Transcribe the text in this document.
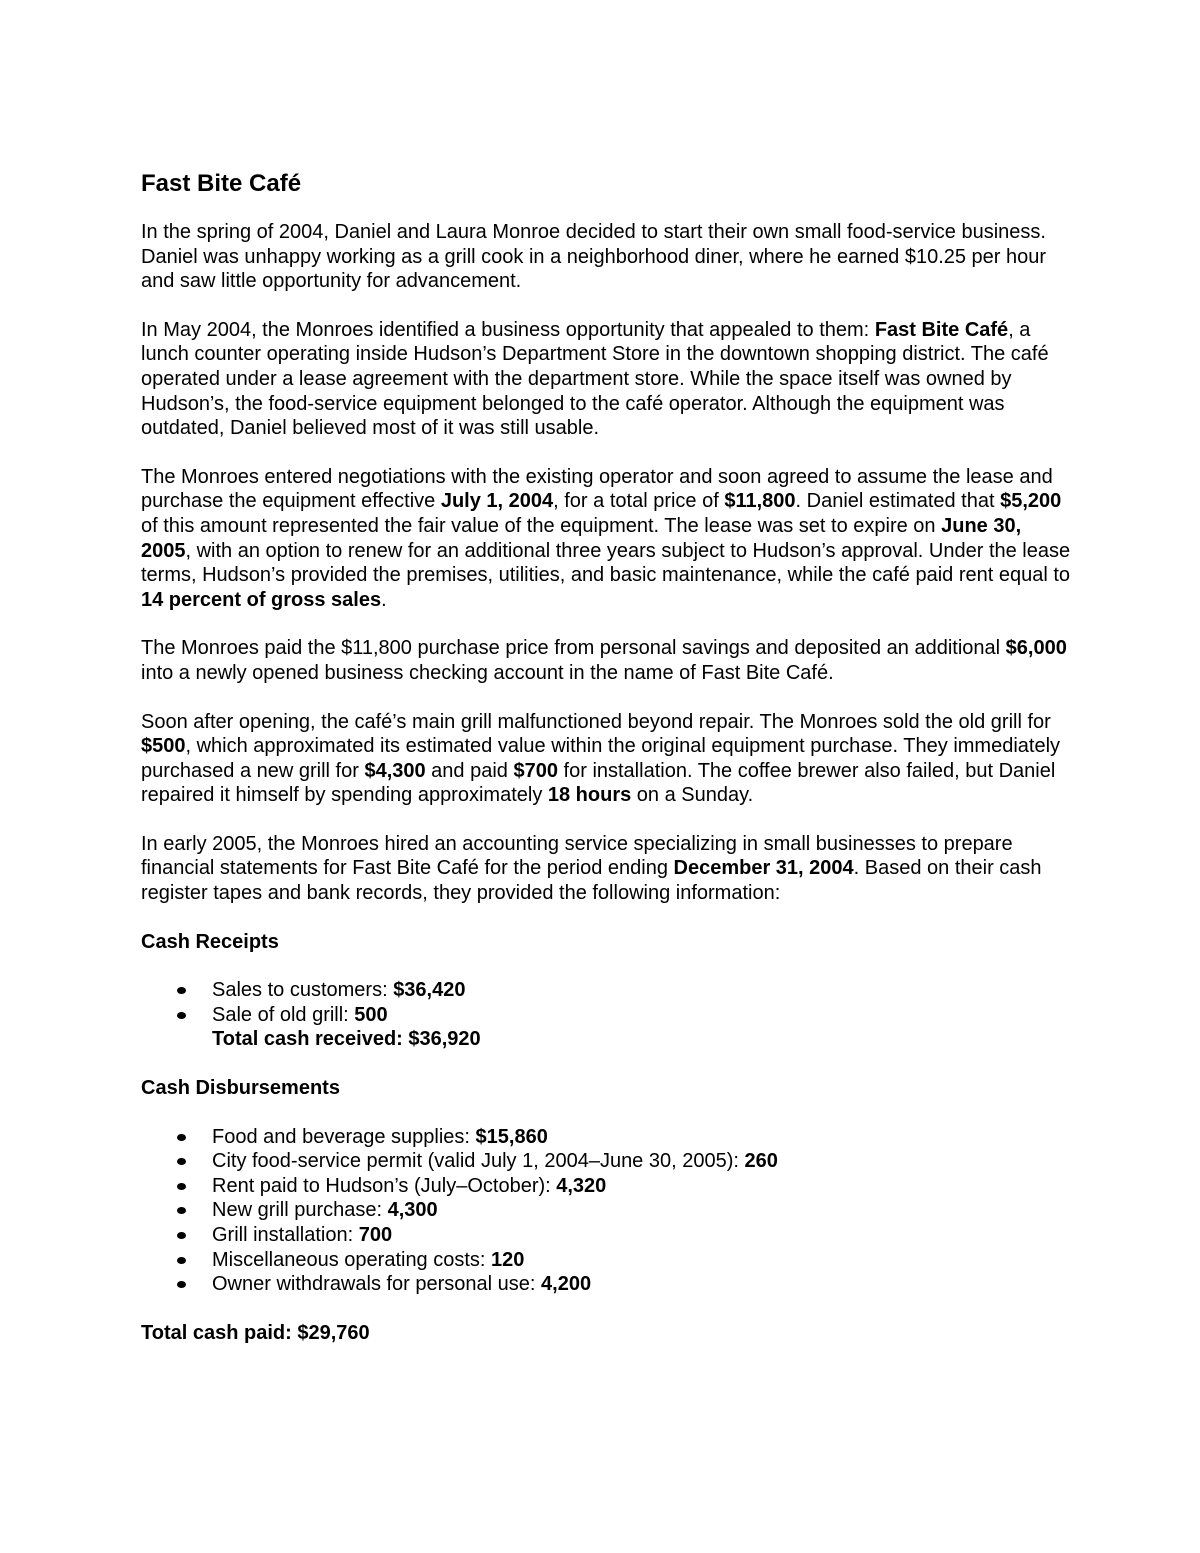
Fast Bite Café

In the spring of 2004, Daniel and Laura Monroe decided to start their own small food-service business. Daniel was unhappy working as a grill cook in a neighborhood diner, where he earned $10.25 per hour and saw little opportunity for advancement.

In May 2004, the Monroes identified a business opportunity that appealed to them: Fast Bite Café, a lunch counter operating inside Hudson’s Department Store in the downtown shopping district. The café operated under a lease agreement with the department store. While the space itself was owned by Hudson’s, the food-service equipment belonged to the café operator. Although the equipment was outdated, Daniel believed most of it was still usable.

The Monroes entered negotiations with the existing operator and soon agreed to assume the lease and purchase the equipment effective July 1, 2004, for a total price of $11,800. Daniel estimated that $5,200 of this amount represented the fair value of the equipment. The lease was set to expire on June 30, 2005, with an option to renew for an additional three years subject to Hudson’s approval. Under the lease terms, Hudson’s provided the premises, utilities, and basic maintenance, while the café paid rent equal to 14 percent of gross sales.

The Monroes paid the $11,800 purchase price from personal savings and deposited an additional $6,000 into a newly opened business checking account in the name of Fast Bite Café.

Soon after opening, the café’s main grill malfunctioned beyond repair. The Monroes sold the old grill for $500, which approximated its estimated value within the original equipment purchase. They immediately purchased a new grill for $4,300 and paid $700 for installation. The coffee brewer also failed, but Daniel repaired it himself by spending approximately 18 hours on a Sunday.

In early 2005, the Monroes hired an accounting service specializing in small businesses to prepare financial statements for Fast Bite Café for the period ending December 31, 2004. Based on their cash register tapes and bank records, they provided the following information:

Cash Receipts
Sales to customers: $36,420
Sale of old grill: 500
Total cash received: $36,920
Cash Disbursements
Food and beverage supplies: $15,860
City food-service permit (valid July 1, 2004–June 30, 2005): 260
Rent paid to Hudson’s (July–October): 4,320
New grill purchase: 4,300
Grill installation: 700
Miscellaneous operating costs: 120
Owner withdrawals for personal use: 4,200
Total cash paid: $29,760
